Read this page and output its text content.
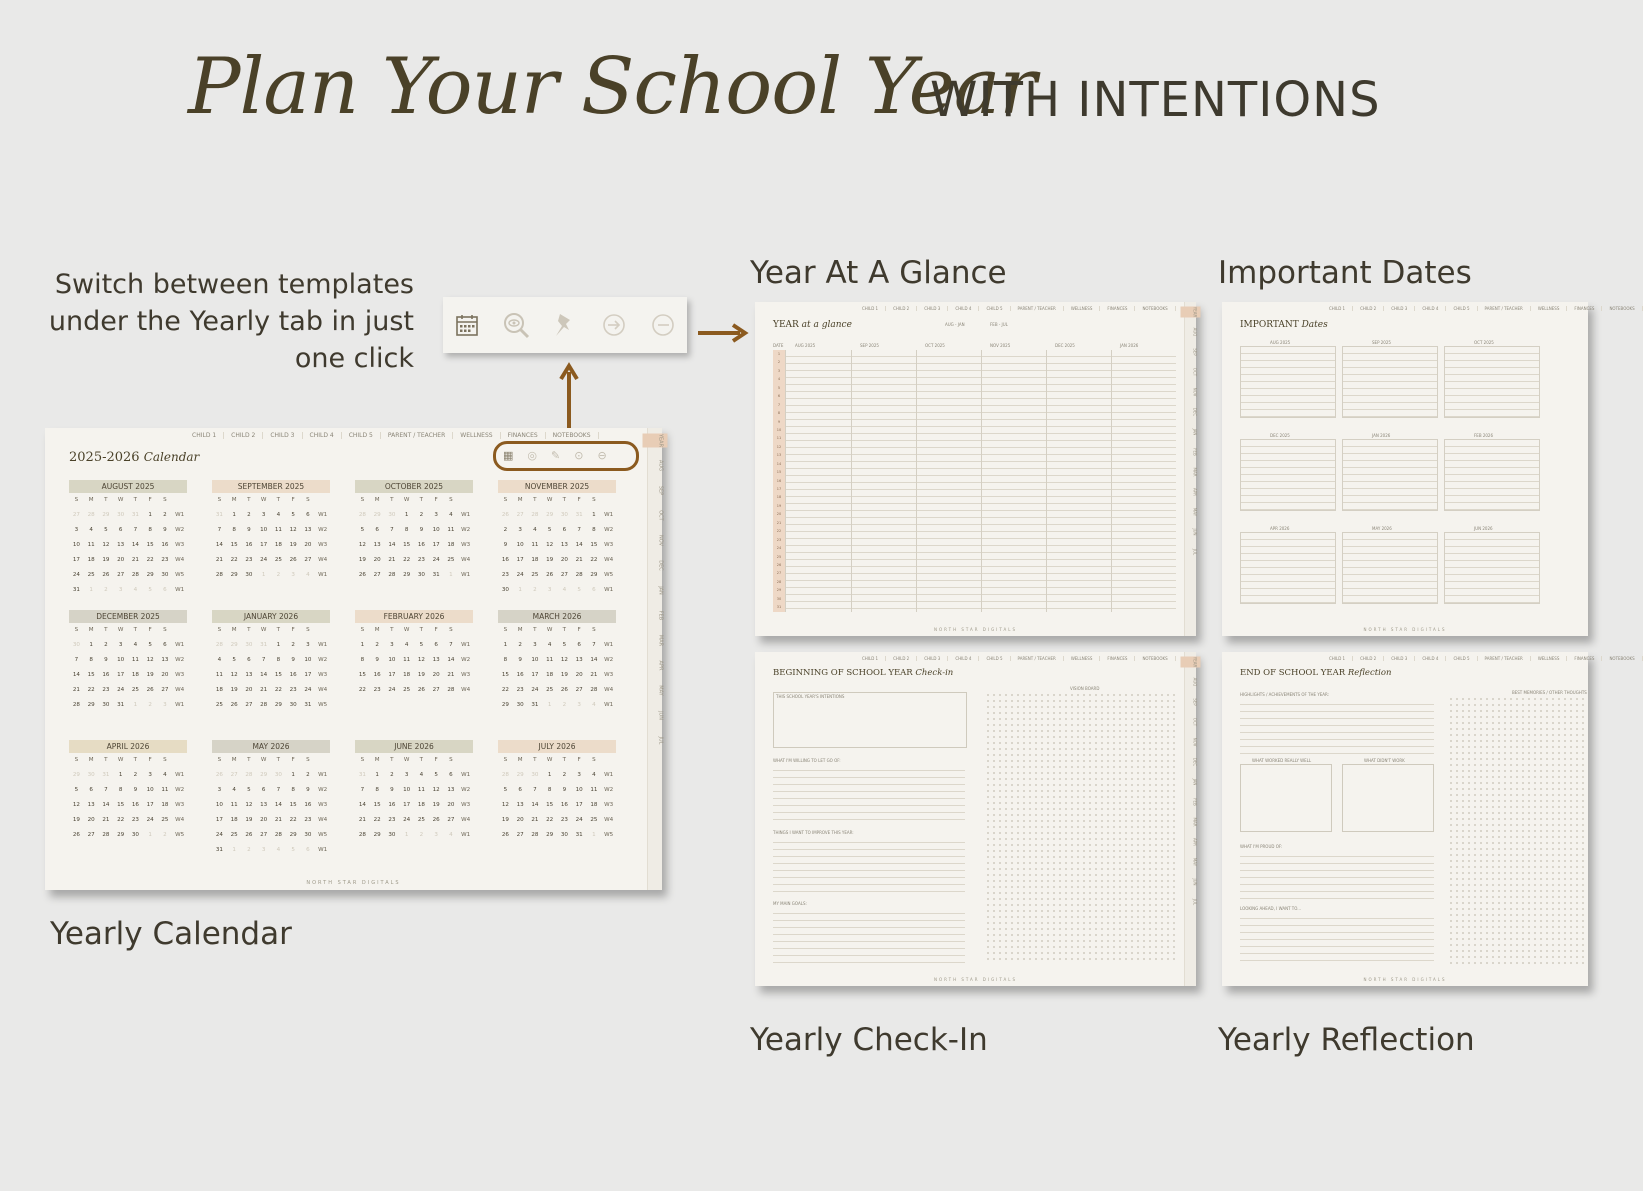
Plan Your School Year
WITH INTENTIONS
Switch between templates under the Yearly tab in just one click
CHILD 1	CHILD 2	CHILD 3	CHILD 4	CHILD 5	PARENT / TEACHER	WELLNESS	FINANCES	NOTEBOOKS	YEAR
AUG
SEP
OCT
NOV
DEC
JAN
FEB
MAR
APR
MAY
JUN
JUL
2025-2026 Calendar	▦ ◎ ✎ ⊙ ⊖
AUGUST 2025
S	M	T	W	T	F	S
27	28	29	30	31	1	2	W1
3	4	5	6	7	8	9	W2
10	11	12	13	14	15	16	W3
17	18	19	20	21	22	23	W4
24	25	26	27	28	29	30	W5
31	1	2	3	4	5	6	W1
SEPTEMBER 2025
S	M	T	W	T	F	S
31	1	2	3	4	5	6	W1
7	8	9	10	11	12	13	W2
14	15	16	17	18	19	20	W3
21	22	23	24	25	26	27	W4
28	29	30	1	2	3	4	W1
OCTOBER 2025
S	M	T	W	T	F	S
28	29	30	1	2	3	4	W1
5	6	7	8	9	10	11	W2
12	13	14	15	16	17	18	W3
19	20	21	22	23	24	25	W4
26	27	28	29	30	31	1	W1
NOVEMBER 2025
S	M	T	W	T	F	S
26	27	28	29	30	31	1	W1
2	3	4	5	6	7	8	W2
9	10	11	12	13	14	15	W3
16	17	18	19	20	21	22	W4
23	24	25	26	27	28	29	W5
30	1	2	3	4	5	6	W1
DECEMBER 2025
S	M	T	W	T	F	S
30	1	2	3	4	5	6	W1
7	8	9	10	11	12	13	W2
14	15	16	17	18	19	20	W3
21	22	23	24	25	26	27	W4
28	29	30	31	1	2	3	W1
JANUARY 2026
S	M	T	W	T	F	S
28	29	30	31	1	2	3	W1
4	5	6	7	8	9	10	W2
11	12	13	14	15	16	17	W3
18	19	20	21	22	23	24	W4
25	26	27	28	29	30	31	W5
FEBRUARY 2026
S	M	T	W	T	F	S
1	2	3	4	5	6	7	W1
8	9	10	11	12	13	14	W2
15	16	17	18	19	20	21	W3
22	23	24	25	26	27	28	W4
MARCH 2026
S	M	T	W	T	F	S
1	2	3	4	5	6	7	W1
8	9	10	11	12	13	14	W2
15	16	17	18	19	20	21	W3
22	23	24	25	26	27	28	W4
29	30	31	1	2	3	4	W1
APRIL 2026
S	M	T	W	T	F	S
29	30	31	1	2	3	4	W1
5	6	7	8	9	10	11	W2
12	13	14	15	16	17	18	W3
19	20	21	22	23	24	25	W4
26	27	28	29	30	1	2	W5
MAY 2026
S	M	T	W	T	F	S
26	27	28	29	30	1	2	W1
3	4	5	6	7	8	9	W2
10	11	12	13	14	15	16	W3
17	18	19	20	21	22	23	W4
24	25	26	27	28	29	30	W5
31	1	2	3	4	5	6	W1
JUNE 2026
S	M	T	W	T	F	S
31	1	2	3	4	5	6	W1
7	8	9	10	11	12	13	W2
14	15	16	17	18	19	20	W3
21	22	23	24	25	26	27	W4
28	29	30	1	2	3	4	W1
JULY 2026
S	M	T	W	T	F	S
28	29	30	1	2	3	4	W1
5	6	7	8	9	10	11	W2
12	13	14	15	16	17	18	W3
19	20	21	22	23	24	25	W4
26	27	28	29	30	31	1	W5
NORTH STAR DIGITALS
Yearly Calendar
Year At A Glance
CHILD 1	CHILD 2	CHILD 3	CHILD 4	CHILD 5	PARENT / TEACHER	WELLNESS	FINANCES	NOTEBOOKS	YEAR
AUG
SEP
OCT
NOV
DEC
JAN
FEB
MAR
APR
MAY
JUN
JUL
YEAR at a glance	AUG - JAN	FEB - JUL
DATE	AUG 2025	SEP 2025	OCT 2025	NOV 2025	DEC 2025	JAN 2026
1
2
3
4
5
6
7
8
9
10
11
12
13
14
15
16
17
18
19
20
21
22
23
24
25
26
27
28
29
30
31
NORTH STAR DIGITALS
Important Dates
CHILD 1	CHILD 2	CHILD 3	CHILD 4	CHILD 5	PARENT / TEACHER	WELLNESS	FINANCES	NOTEBOOKS
IMPORTANT Dates
AUG 2025	SEP 2025	OCT 2025
DEC 2025	JAN 2026	FEB 2026
APR 2026	MAY 2026	JUN 2026
NORTH STAR DIGITALS
CHILD 1	CHILD 2	CHILD 3	CHILD 4	CHILD 5	PARENT / TEACHER	WELLNESS	FINANCES	NOTEBOOKS	YEAR
AUG
SEP
OCT
NOV
DEC
JAN
FEB
MAR
APR
MAY
JUN
JUL
BEGINNING OF SCHOOL YEAR Check-in
VISION BOARD
THIS SCHOOL YEAR'S INTENTIONS
WHAT I'M WILLING TO LET GO OF:
THINGS I WANT TO IMPROVE THIS YEAR:
MY MAIN GOALS:
NORTH STAR DIGITALS
Yearly Check-In
CHILD 1	CHILD 2	CHILD 3	CHILD 4	CHILD 5	PARENT / TEACHER	WELLNESS	FINANCES	NOTEBOOKS
END OF SCHOOL YEAR Reflection
HIGHLIGHTS / ACHIEVEMENTS OF THE YEAR:
WHAT WORKED REALLY WELL	WHAT DIDN'T WORK
WHAT I'M PROUD OF:
LOOKING AHEAD, I WANT TO...
BEST MEMORIES / OTHER THOUGHTS
NORTH STAR DIGITALS
Yearly Reflection
